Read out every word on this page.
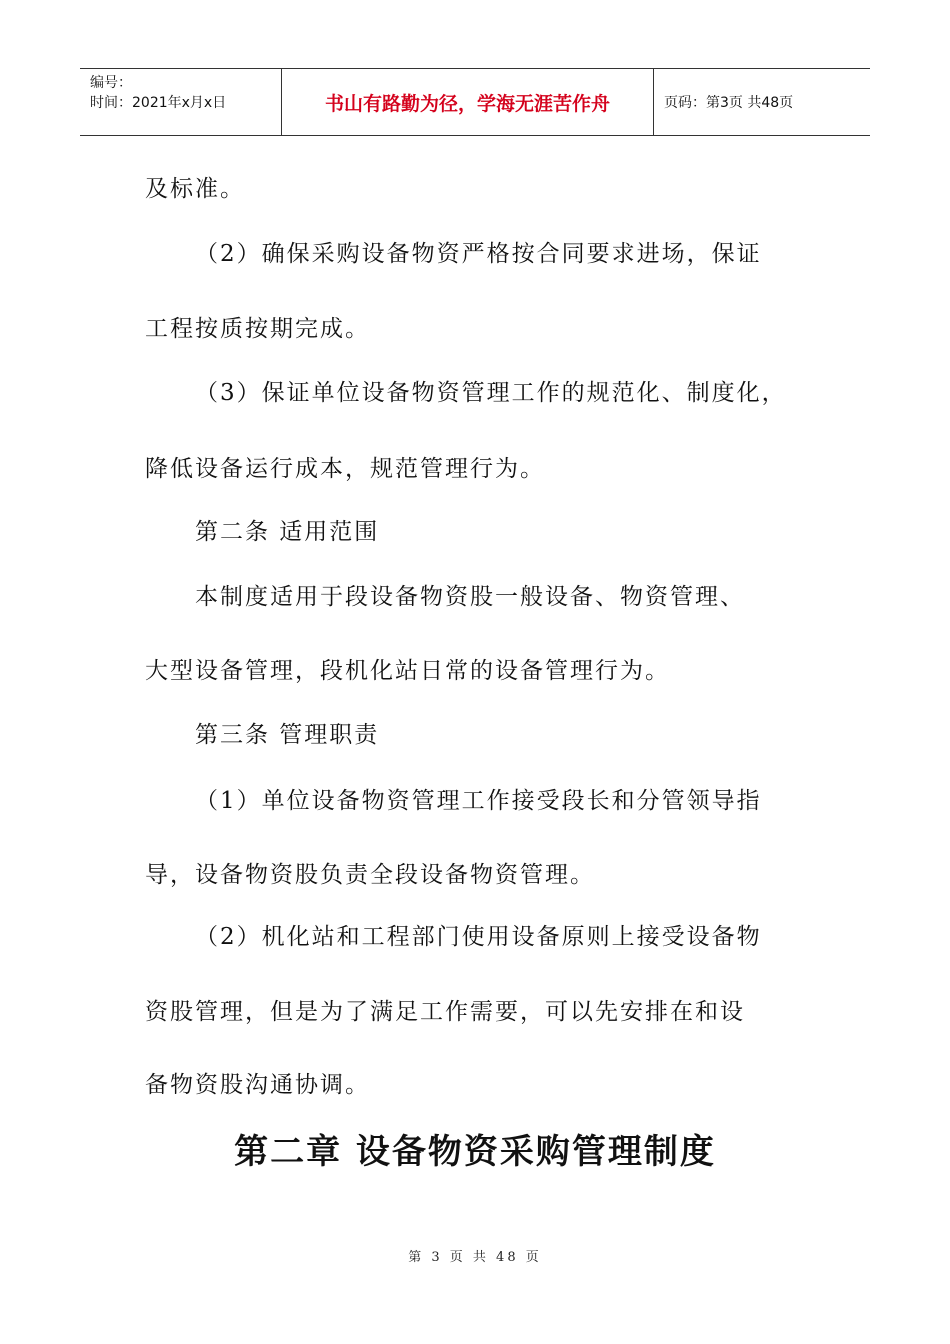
编号：
时间：2021年x月x日	书山有路勤为径，学海无涯苦作舟	页码：第3页 共48页
及标准。
（2）确保采购设备物资严格按合同要求进场，保证
工程按质按期完成。
（3）保证单位设备物资管理工作的规范化、制度化，
降低设备运行成本，规范管理行为。
第二条 适用范围
本制度适用于段设备物资股一般设备、物资管理、
大型设备管理，段机化站日常的设备管理行为。
第三条 管理职责
（1）单位设备物资管理工作接受段长和分管领导指
导，设备物资股负责全段设备物资管理。
（2）机化站和工程部门使用设备原则上接受设备物
资股管理，但是为了满足工作需要，可以先安排在和设
备物资股沟通协调。
第二章 设备物资采购管理制度
第 3 页 共 48 页
